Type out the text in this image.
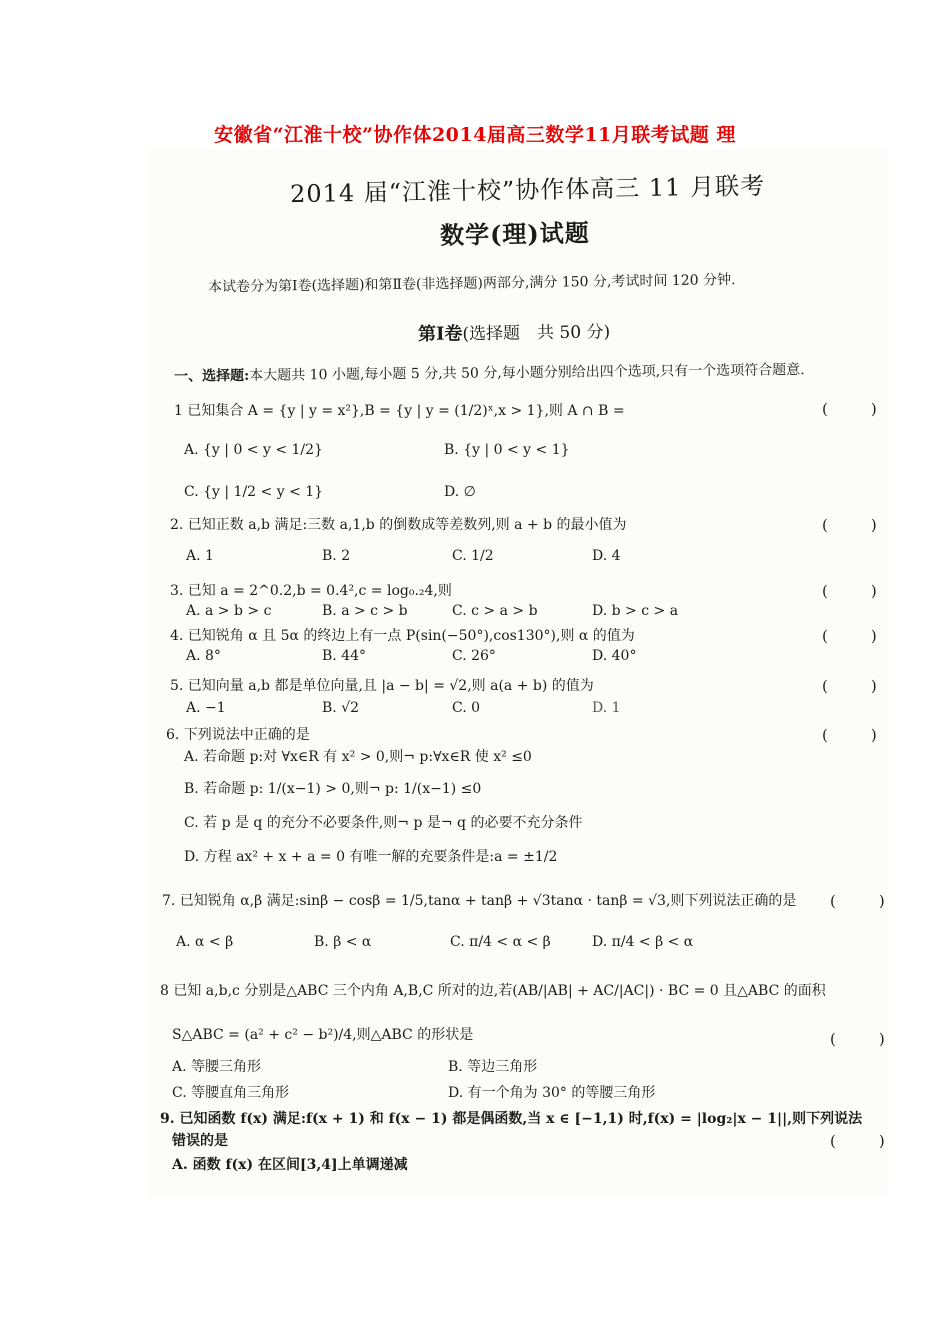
安徽省“江淮十校”协作体2014届高三数学11月联考试题 理
2014 届“江淮十校”协作体高三 11 月联考
数学(理)试题
本试卷分为第Ⅰ卷(选择题)和第Ⅱ卷(非选择题)两部分,满分 150 分,考试时间 120 分钟.
第Ⅰ卷(选择题　共 50 分)
一、选择题:本大题共 10 小题,每小题 5 分,共 50 分,每小题分别给出四个选项,只有一个选项符合题意.
1 已知集合 A = {y | y = x²},B = {y | y = (1/2)ˣ,x > 1},则 A ∩ B =	(　)
A. {y | 0 < y < 1/2}	B. {y | 0 < y < 1}
C. {y | 1/2 < y < 1}	D. ∅
2. 已知正数 a,b 满足:三数 a,1,b 的倒数成等差数列,则 a + b 的最小值为	(　)
A. 1	B. 2	C. 1/2	D. 4
3. 已知 a = 2^0.2,b = 0.4²,c = log₀.₂4,则	(　)
A. a > b > c	B. a > c > b	C. c > a > b	D. b > c > a
4. 已知锐角 α 且 5α 的终边上有一点 P(sin(−50°),cos130°),则 α 的值为	(　)
A. 8°	B. 44°	C. 26°	D. 40°
5. 已知向量 a,b 都是单位向量,且 |a − b| = √2,则 a(a + b) 的值为	(　)
A. −1	B. √2	C. 0	D. 1
6. 下列说法中正确的是	(　)
A. 若命题 p:对 ∀x∈R 有 x² > 0,则¬ p:∀x∈R 使 x² ≤0
B. 若命题 p: 1/(x−1) > 0,则¬ p: 1/(x−1) ≤0
C. 若 p 是 q 的充分不必要条件,则¬ p 是¬ q 的必要不充分条件
D. 方程 ax² + x + a = 0 有唯一解的充要条件是:a = ±1/2
7. 已知锐角 α,β 满足:sinβ − cosβ = 1/5,tanα + tanβ + √3tanα · tanβ = √3,则下列说法正确的是 (　)
A. α < β	B. β < α	C. π/4 < α < β	D. π/4 < β < α
8 已知 a,b,c 分别是△ABC 三个内角 A,B,C 所对的边,若(AB/|AB| + AC/|AC|) · BC = 0 且△ABC 的面积
S△ABC = (a² + c² − b²)/4,则△ABC 的形状是	(　)
A. 等腰三角形	B. 等边三角形
C. 等腰直角三角形	D. 有一个角为 30° 的等腰三角形
9. 已知函数 f(x) 满足:f(x + 1) 和 f(x − 1) 都是偶函数,当 x ∈ [−1,1) 时,f(x) = |log₂|x − 1||,则下列说法
错误的是	(　)
A. 函数 f(x) 在区间[3,4]上单调递减
